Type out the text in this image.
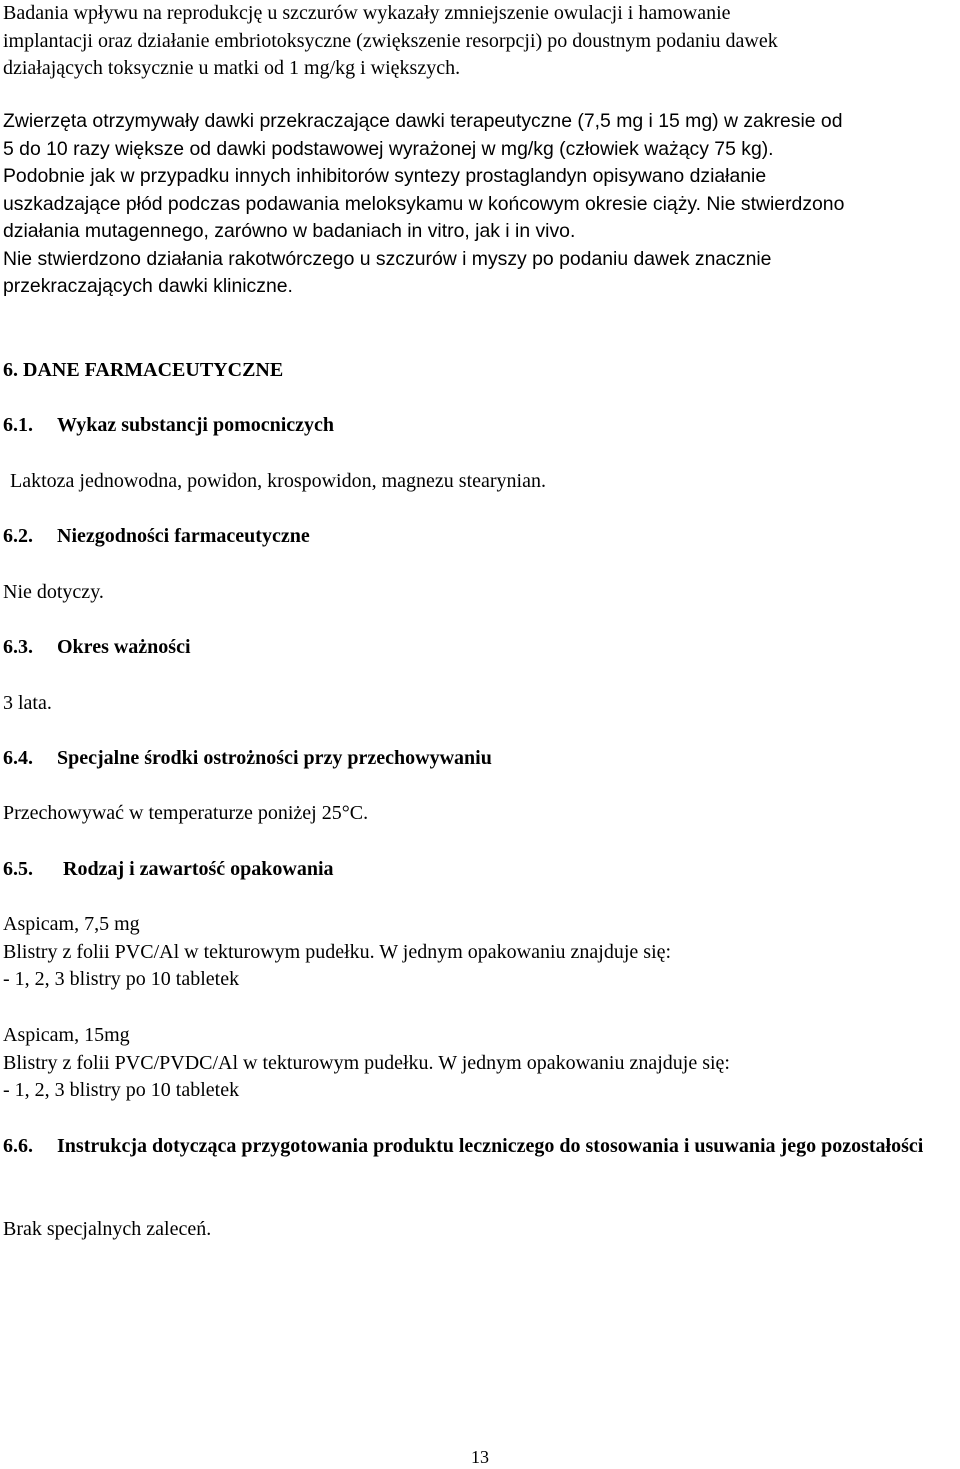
Badania wpływu na reprodukcję u szczurów wykazały zmniejszenie owulacji i hamowanie
implantacji oraz działanie embriotoksyczne (zwiększenie resorpcji) po doustnym podaniu dawek
działających toksycznie u matki od 1 mg/kg i większych.
Zwierzęta otrzymywały dawki przekraczające dawki terapeutyczne (7,5 mg i 15 mg) w zakresie od
5 do 10 razy większe od dawki podstawowej wyrażonej w mg/kg (człowiek ważący 75 kg).
Podobnie jak w przypadku innych inhibitorów syntezy prostaglandyn opisywano działanie
uszkadzające płód podczas podawania meloksykamu w końcowym okresie ciąży. Nie stwierdzono
działania mutagennego, zarówno w badaniach in vitro, jak i in vivo.
Nie stwierdzono działania rakotwórczego u szczurów i myszy po podaniu dawek znacznie
przekraczających dawki kliniczne.
6. DANE FARMACEUTYCZNE
6.1. Wykaz substancji pomocniczych
Laktoza jednowodna, powidon, krospowidon, magnezu stearynian.
6.2. Niezgodności farmaceutyczne
Nie dotyczy.
6.3. Okres ważności
3 lata.
6.4. Specjalne środki ostrożności przy przechowywaniu
Przechowywać w temperaturze poniżej 25°C.
6.5. Rodzaj i zawartość opakowania
Aspicam, 7,5 mg
Blistry z folii PVC/Al w tekturowym pudełku. W jednym opakowaniu znajduje się:
- 1, 2, 3 blistry po 10 tabletek
Aspicam, 15mg
Blistry z folii PVC/PVDC/Al w tekturowym pudełku. W jednym opakowaniu znajduje się:
- 1, 2, 3 blistry po 10 tabletek
6.6. Instrukcja dotycząca przygotowania produktu leczniczego do stosowania i usuwania jego pozostałości
Brak specjalnych zaleceń.
13
